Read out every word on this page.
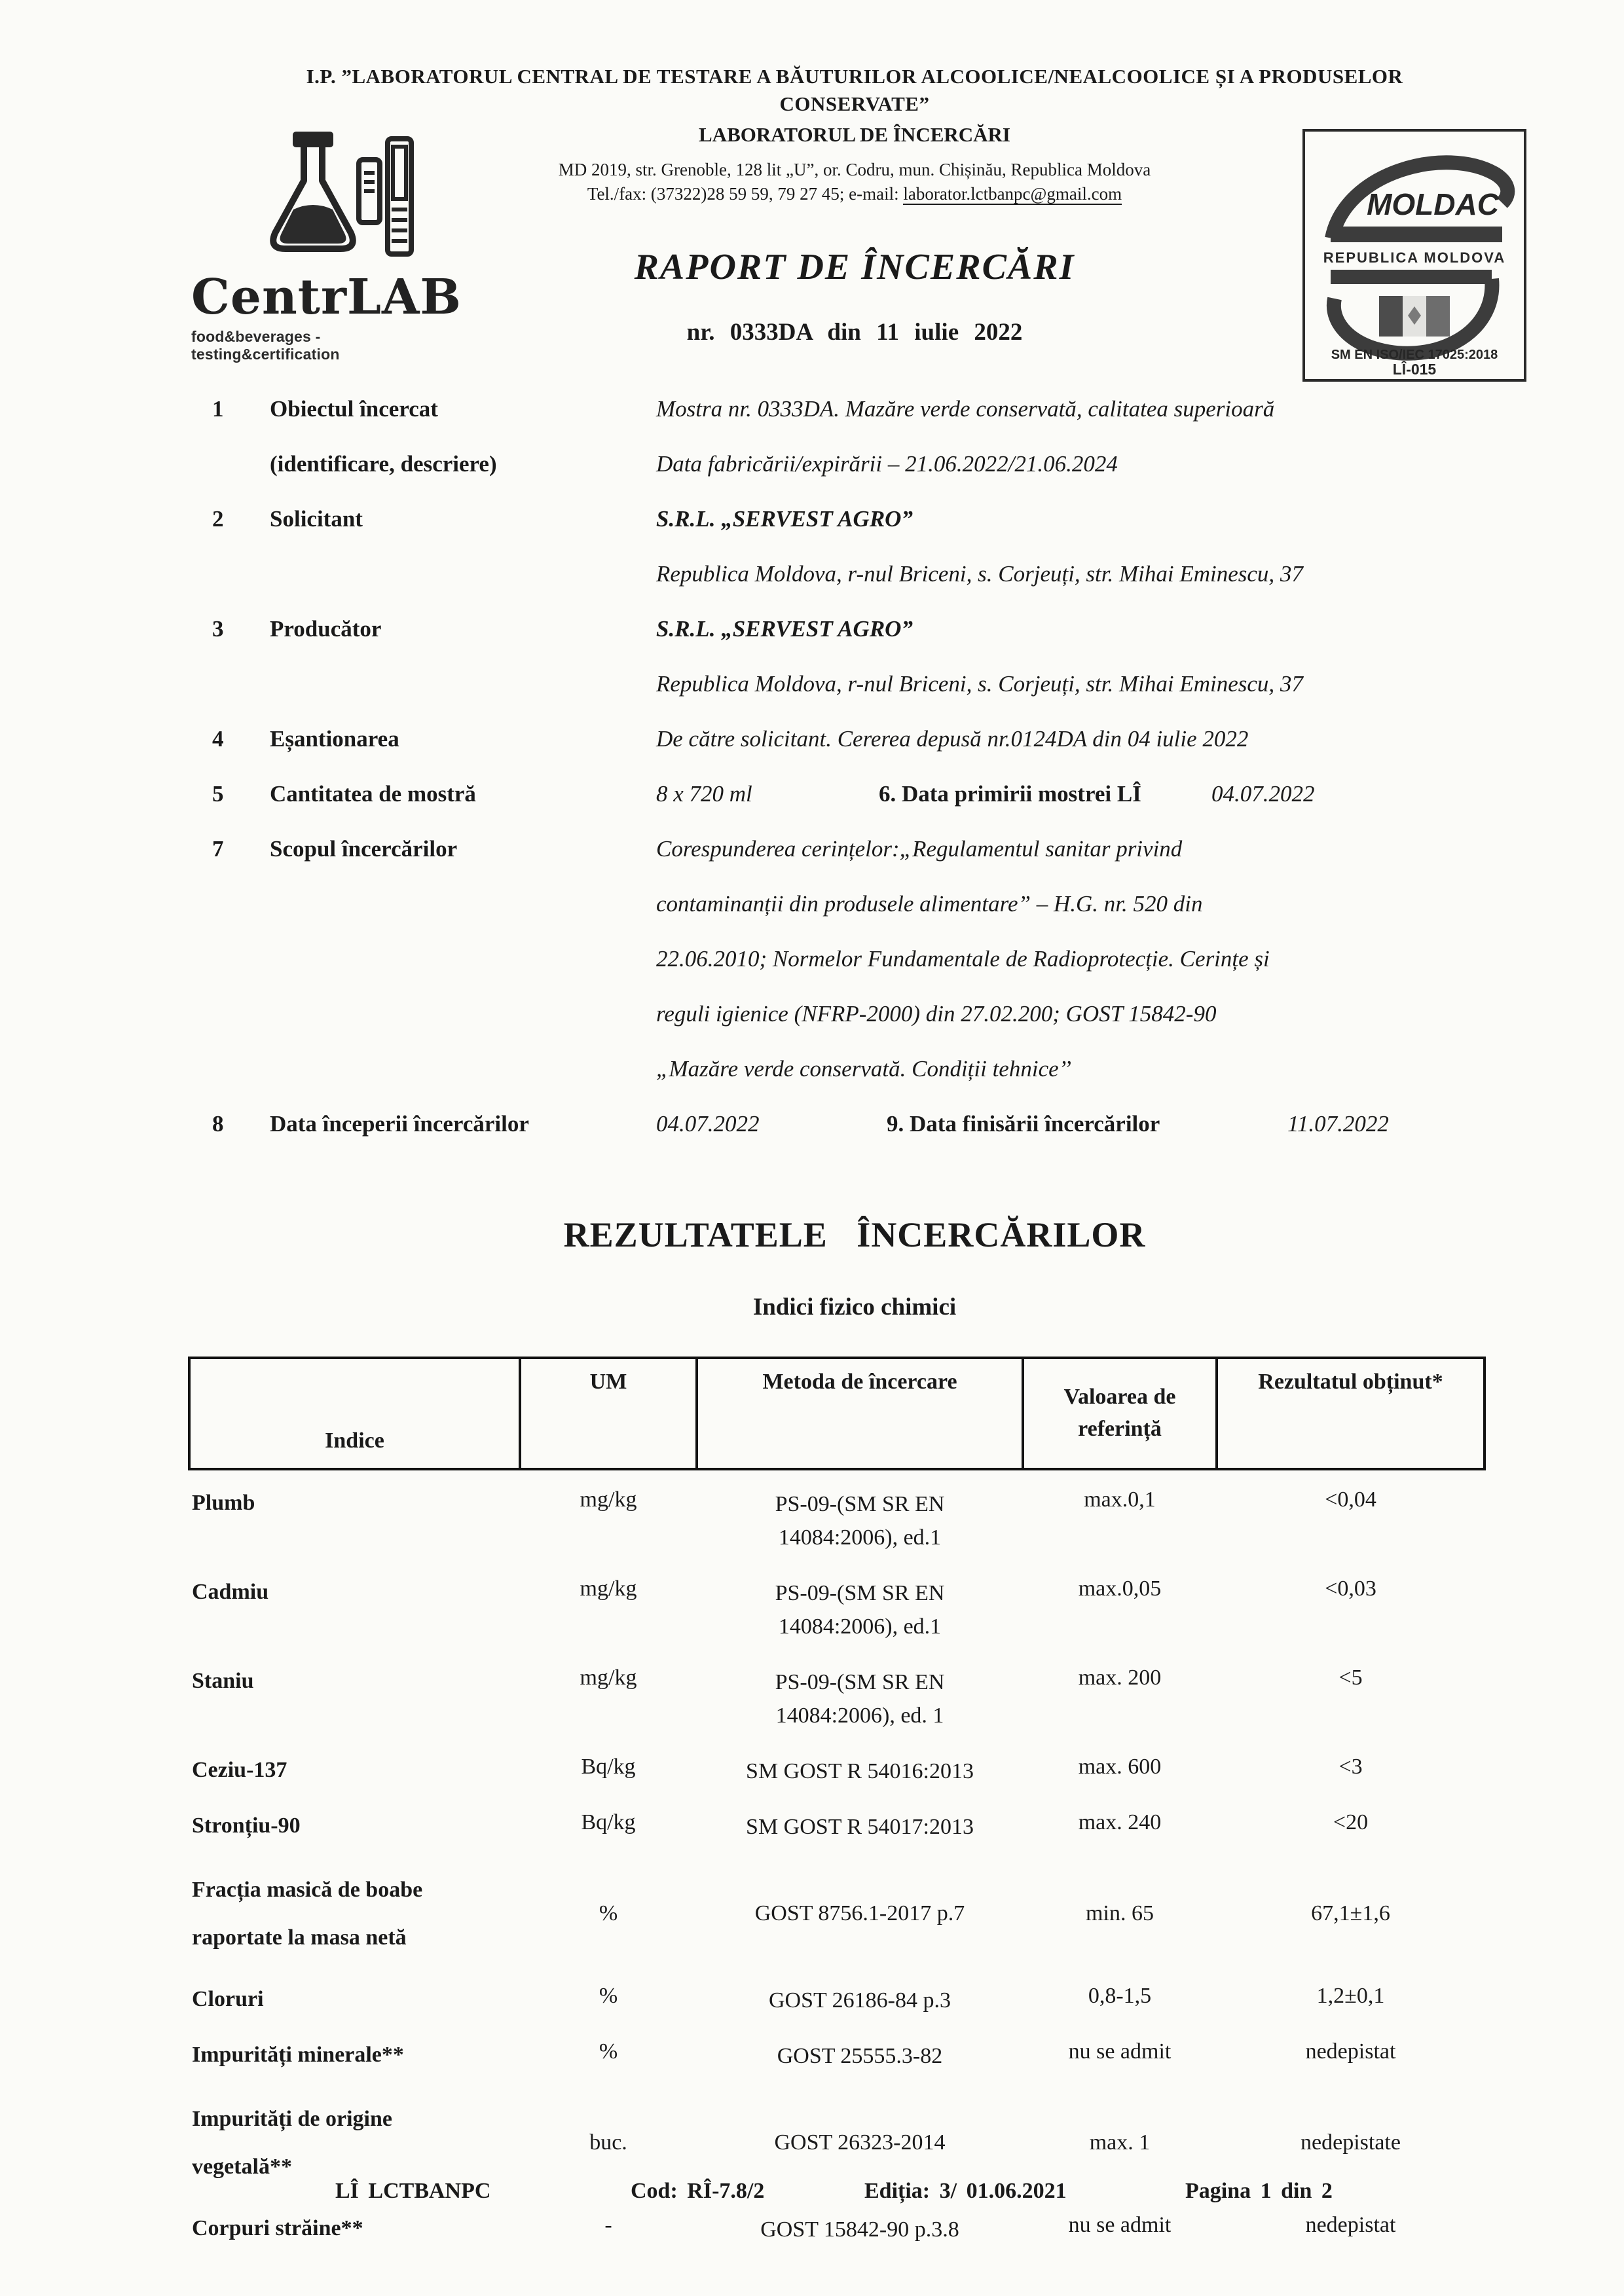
CentrLAB
food&beverages - testing&certification
MOLDAC
REPUBLICA MOLDOVA
SM EN ISO/IEC 17025:2018
LÎ-015
I.P. ”LABORATORUL CENTRAL DE TESTARE A BĂUTURILOR ALCOOLICE/NEALCOOLICE ȘI A PRODUSELOR
CONSERVATE”
LABORATORUL DE ÎNCERCĂRI
MD 2019, str. Grenoble, 128 lit „U”, or. Codru, mun. Chișinău, Republica Moldova
Tel./fax: (37322)28 59 59, 79 27 45; e-mail: laborator.lctbanpc@gmail.com
RAPORT DE ÎNCERCĂRI
nr. 0333DA din 11 iulie 2022
1	Obiectul încercat
(identificare, descriere)
Mostra nr. 0333DA. Mazăre verde conservată, calitatea superioară
Data fabricării/expirării – 21.06.2022/21.06.2024
2	Solicitant	S.R.L. „SERVEST AGRO”
Republica Moldova, r-nul Briceni, s. Corjeuți, str. Mihai Eminescu, 37
3	Producător	S.R.L. „SERVEST AGRO”
Republica Moldova, r-nul Briceni, s. Corjeuți, str. Mihai Eminescu, 37
4	Eșantionarea	De către solicitant. Cererea depusă nr.0124DA din 04 iulie 2022
5	Cantitatea de mostră	8 x 720 ml	6. Data primirii mostrei LÎ	04.07.2022
7	Scopul încercărilor	Corespunderea cerințelor:„Regulamentul sanitar privind
contaminanții din produsele alimentare” – H.G. nr. 520 din
22.06.2010; Normelor Fundamentale de Radioprotecție. Cerințe și
reguli igienice (NFRP-2000) din 27.02.200; GOST 15842-90
„Mazăre verde conservată. Condiții tehnice’’
8	Data începerii încercărilor	04.07.2022	9. Data finisării încercărilor	11.07.2022
REZULTATELE ÎNCERCĂRILOR
Indici fizico chimici
Indice	UM	Metoda de încercare	Valoarea de referință	Rezultatul obținut*

Plumb	mg/kg	PS-09-(SM SR EN
14084:2006), ed.1	max.0,1	<0,04

Cadmiu	mg/kg	PS-09-(SM SR EN
14084:2006), ed.1	max.0,05	<0,03

Staniu	mg/kg	PS-09-(SM SR EN
14084:2006), ed. 1	max. 200	<5

Ceziu-137	Bq/kg	SM GOST R 54016:2013	max. 600	<3

Stronțiu-90	Bq/kg	SM GOST R 54017:2013	max. 240	<20

Fracția masică de boabe
raportate la masa netă	%	GOST 8756.1-2017 p.7	min. 65	67,1±1,6

Cloruri	%	GOST 26186-84 p.3	0,8-1,5	1,2±0,1

Impurități minerale**	%	GOST 25555.3-82	nu se admit	nedepistat

Impurități de origine
vegetală**	buc.	GOST 26323-2014	max. 1	nedepistate

Corpuri străine**	-	GOST 15842-90 p.3.8	nu se admit	nedepistat
LÎ LCTBANPC	Cod: RÎ-7.8/2	Ediția: 3/ 01.06.2021	Pagina 1 din 2
